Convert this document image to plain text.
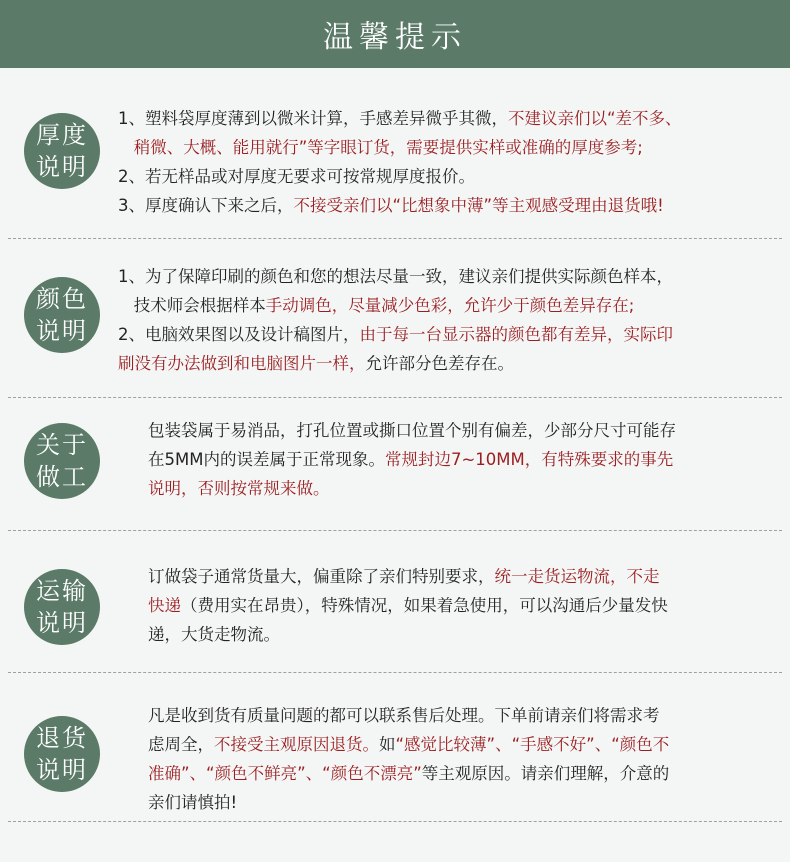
温馨提示
厚度
说明
1、塑料袋厚度薄到以微米计算，手感差异微乎其微，不建议亲们以“差不多、
稍微、大概、能用就行”等字眼订货，需要提供实样或准确的厚度参考;
2、若无样品或对厚度无要求可按常规厚度报价。
3、厚度确认下来之后，不接受亲们以“比想象中薄”等主观感受理由退货哦!
颜色
说明
1、为了保障印刷的颜色和您的想法尽量一致，建议亲们提供实际颜色样本，
技术师会根据样本手动调色，尽量减少色彩，允许少于颜色差异存在;
2、电脑效果图以及设计稿图片，由于每一台显示器的颜色都有差异，实际印
刷没有办法做到和电脑图片一样，允许部分色差存在。
关于
做工
包装袋属于易消品，打孔位置或撕口位置个别有偏差，少部分尺寸可能存
在5MM内的误差属于正常现象。常规封边7~10MM，有特殊要求的事先
说明，否则按常规来做。
运输
说明
订做袋子通常货量大，偏重除了亲们特别要求，统一走货运物流，不走
快递（费用实在昂贵），特殊情况，如果着急使用，可以沟通后少量发快
递，大货走物流。
退货
说明
凡是收到货有质量问题的都可以联系售后处理。下单前请亲们将需求考
虑周全，不接受主观原因退货。如“感觉比较薄”、“手感不好”、“颜色不
准确”、“颜色不鲜亮”、“颜色不漂亮”等主观原因。请亲们理解，介意的
亲们请慎拍!
